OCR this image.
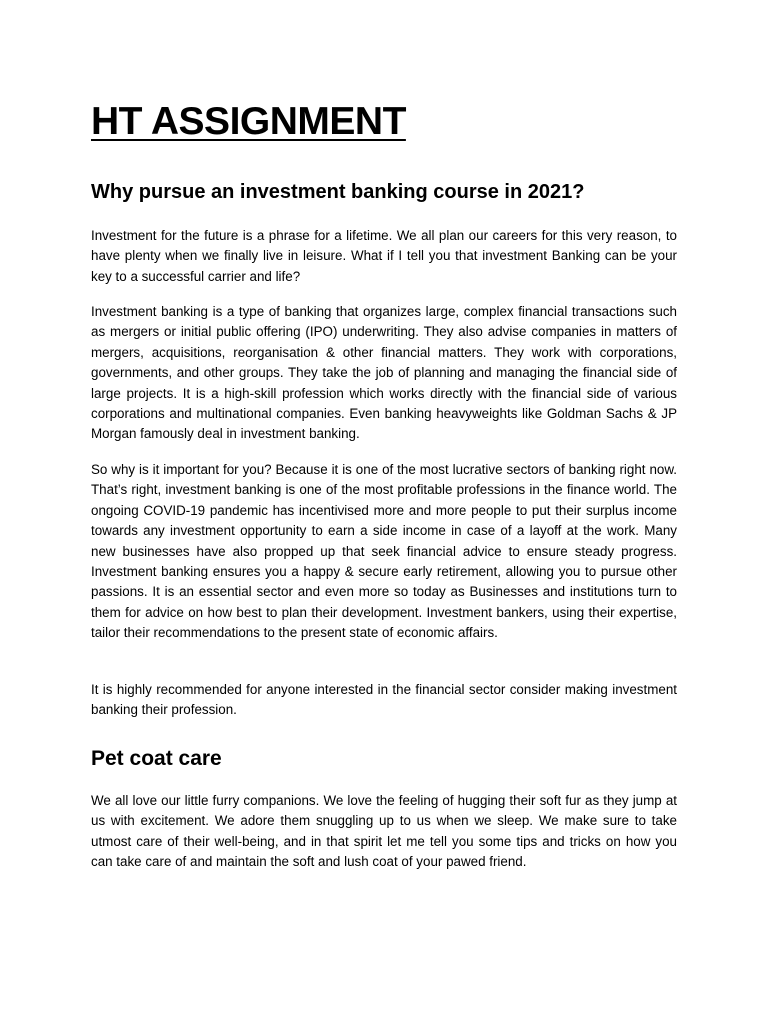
HT ASSIGNMENT
Why pursue an investment banking course in 2021?

Investment for the future is a phrase for a lifetime. We all plan our careers for this very reason, to have plenty when we finally live in leisure. What if I tell you that investment Banking can be your key to a successful carrier and life?

Investment banking is a type of banking that organizes large, complex financial transactions such as mergers or initial public offering (IPO) underwriting. They also advise companies in matters of mergers, acquisitions, reorganisation & other financial matters. They work with corporations, governments, and other groups. They take the job of planning and managing the financial side of large projects. It is a high-skill profession which works directly with the financial side of various corporations and multinational companies. Even banking heavyweights like Goldman Sachs & JP Morgan famously deal in investment banking.

So why is it important for you? Because it is one of the most lucrative sectors of banking right now. That’s right, investment banking is one of the most profitable professions in the finance world. The ongoing COVID-19 pandemic has incentivised more and more people to put their surplus income towards any investment opportunity to earn a side income in case of a layoff at the work. Many new businesses have also propped up that seek financial advice to ensure steady progress. Investment banking ensures you a happy & secure early retirement, allowing you to pursue other passions. It is an essential sector and even more so today as Businesses and institutions turn to them for advice on how best to plan their development. Investment bankers, using their expertise, tailor their recommendations to the present state of economic affairs.

It is highly recommended for anyone interested in the financial sector consider making investment banking their profession.

Pet coat care

We all love our little furry companions. We love the feeling of hugging their soft fur as they jump at us with excitement. We adore them snuggling up to us when we sleep. We make sure to take utmost care of their well-being, and in that spirit let me tell you some tips and tricks on how you can take care of and maintain the soft and lush coat of your pawed friend.
